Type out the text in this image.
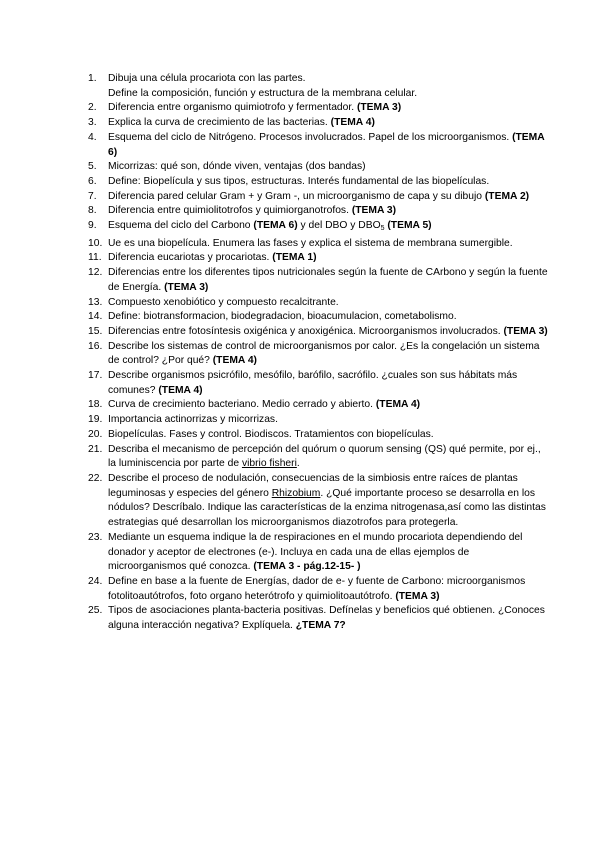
1.	Dibuja una célula procariota con las partes.
Define la composición, función y estructura de la membrana celular.
2.	Diferencia entre organismo quimiotrofo y fermentador. (TEMA 3)
3.	Explica la curva de crecimiento de las bacterias. (TEMA 4)
4.	Esquema del ciclo de Nitrógeno. Procesos involucrados. Papel de los microorganismos. (TEMA 6)
5.	Micorrizas: qué son, dónde viven, ventajas (dos bandas)
6.	Define: Biopelícula y sus tipos, estructuras. Interés fundamental de las biopelículas.
7.	Diferencia pared celular Gram + y Gram -, un microorganismo de capa y su dibujo (TEMA 2)
8.	Diferencia entre quimiolitotrofos y quimiorganotrofos. (TEMA 3)
9.	Esquema del ciclo del Carbono (TEMA 6) y del DBO y $DBO_5$ (TEMA 5)
10. Ue es una biopelícula. Enumera las fases y explica el sistema de membrana sumergible.
11. Diferencia eucariotas y procariotas. (TEMA 1)
12. Diferencias entre los diferentes tipos nutricionales según la fuente de CArbono y según la fuente de Energía. (TEMA 3)
13. Compuesto xenobiótico y compuesto recalcitrante.
14. Define: biotransformacion, biodegradacion, bioacumulacion, cometabolismo.
15. Diferencias entre fotosíntesis oxigénica y anoxigénica. Microorganismos involucrados. (TEMA 3)
16. Describe los sistemas de control de microorganismos por calor. ¿Es la congelación un sistema de control? ¿Por qué? (TEMA 4)
17. Describe organismos psicrófilo, mesófilo, barófilo, sacrófilo. ¿cuales son sus hábitats más comunes? (TEMA 4)
18. Curva de crecimiento bacteriano. Medio cerrado y abierto. (TEMA 4)
19. Importancia actinorrizas y micorrizas.
20. Biopelículas. Fases y control. Biodiscos. Tratamientos con biopelículas.
21. Describa el mecanismo de percepción del quórum o quorum sensing (QS) qué permite, por ej., la luminiscencia por parte de vibrio fisheri.
22. Describe el proceso de nodulación, consecuencias de la simbiosis entre raíces de plantas leguminosas y especies del género Rhizobium. ¿Qué importante proceso se desarrolla en los nódulos? Descríbalo. Indique las características de la enzima nitrogenasa,así como las distintas estrategias qué desarrollan los microorganismos diazotrofos para protegerla.
23. Mediante un esquema indique la de respiraciones en el mundo procariota dependiendo del donador y aceptor de electrones (e-). Incluya en cada una de ellas ejemplos de microorganismos qué conozca. (TEMA 3 - pág.12-15- )
24. Define en base a la fuente de Energías, dador de e- y fuente de Carbono: microorganismos fotolitoautótrofos, foto organo heterótrofo y quimiolitoautótrofo. (TEMA 3)
25. Tipos de asociaciones planta-bacteria positivas. Defínelas y beneficios qué obtienen. ¿Conoces alguna interacción negativa? Explíquela. ¿TEMA 7?
